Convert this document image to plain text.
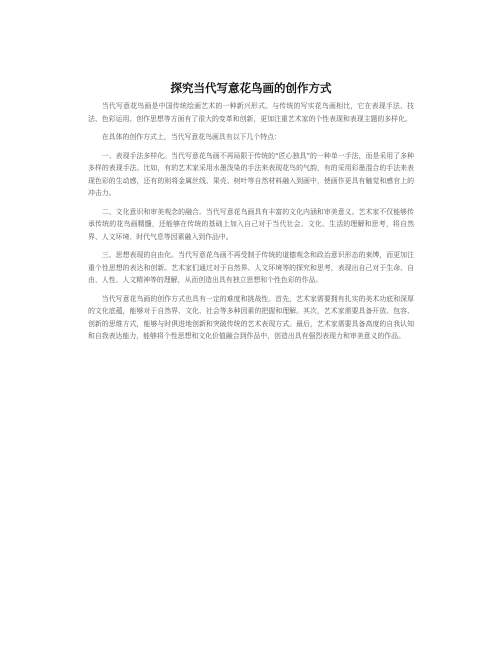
探究当代写意花鸟画的创作方式

当代写意花鸟画是中国传统绘画艺术的一种新兴形式。与传统的写实花鸟画相比，它在表现手法、技法、色彩运用、创作思想等方面有了很大的变革和创新，更加注重艺术家的个性表现和表现主题的多样化。

在具体的创作方式上，当代写意花鸟画具有以下几个特点：

一、表现手法多样化。当代写意花鸟画不再局限于传统的“匠心独具”的一种单一手法，而是采用了多种多样的表现手法。比如，有的艺术家采用水墨泼染的手法来表现花鸟的气韵，有的采用彩墨混合的手法来表现色彩的生动感，还有的则将金属丝线、果壳、树叶等自然材料融入到画中，使画作更具有触觉和感官上的冲击力。

二、文化意识和审美观念的融合。当代写意花鸟画具有丰富的文化内涵和审美意义。艺术家不仅能够传承传统的花鸟画精髓，还能够在传统的基础上加入自己对于当代社会、文化、生活的理解和思考，将自然界、人文环境、时代气息等因素融入到作品中。

三、思想表现的自由化。当代写意花鸟画不再受制于传统的道德观念和政治意识形态的束缚，而更加注重个性思想的表达和创新。艺术家们通过对于自然界、人文环境等的探究和思考，表现出自己对于生命、自由、人性、人文精神等的理解，从而创造出具有独立思想和个性色彩的作品。

当代写意花鸟画的创作方式也具有一定的难度和挑战性。首先，艺术家需要拥有扎实的美术功底和深厚的文化底蕴，能够对于自然界、文化、社会等多种因素的把握和理解。其次，艺术家需要具备开放、包容、创新的思维方式，能够与时俱进地创新和突破传统的艺术表现方式。最后，艺术家需要具备高度的自我认知和自我表达能力，能够将个性思想和文化价值融合到作品中，创造出具有强烈表现力和审美意义的作品。
